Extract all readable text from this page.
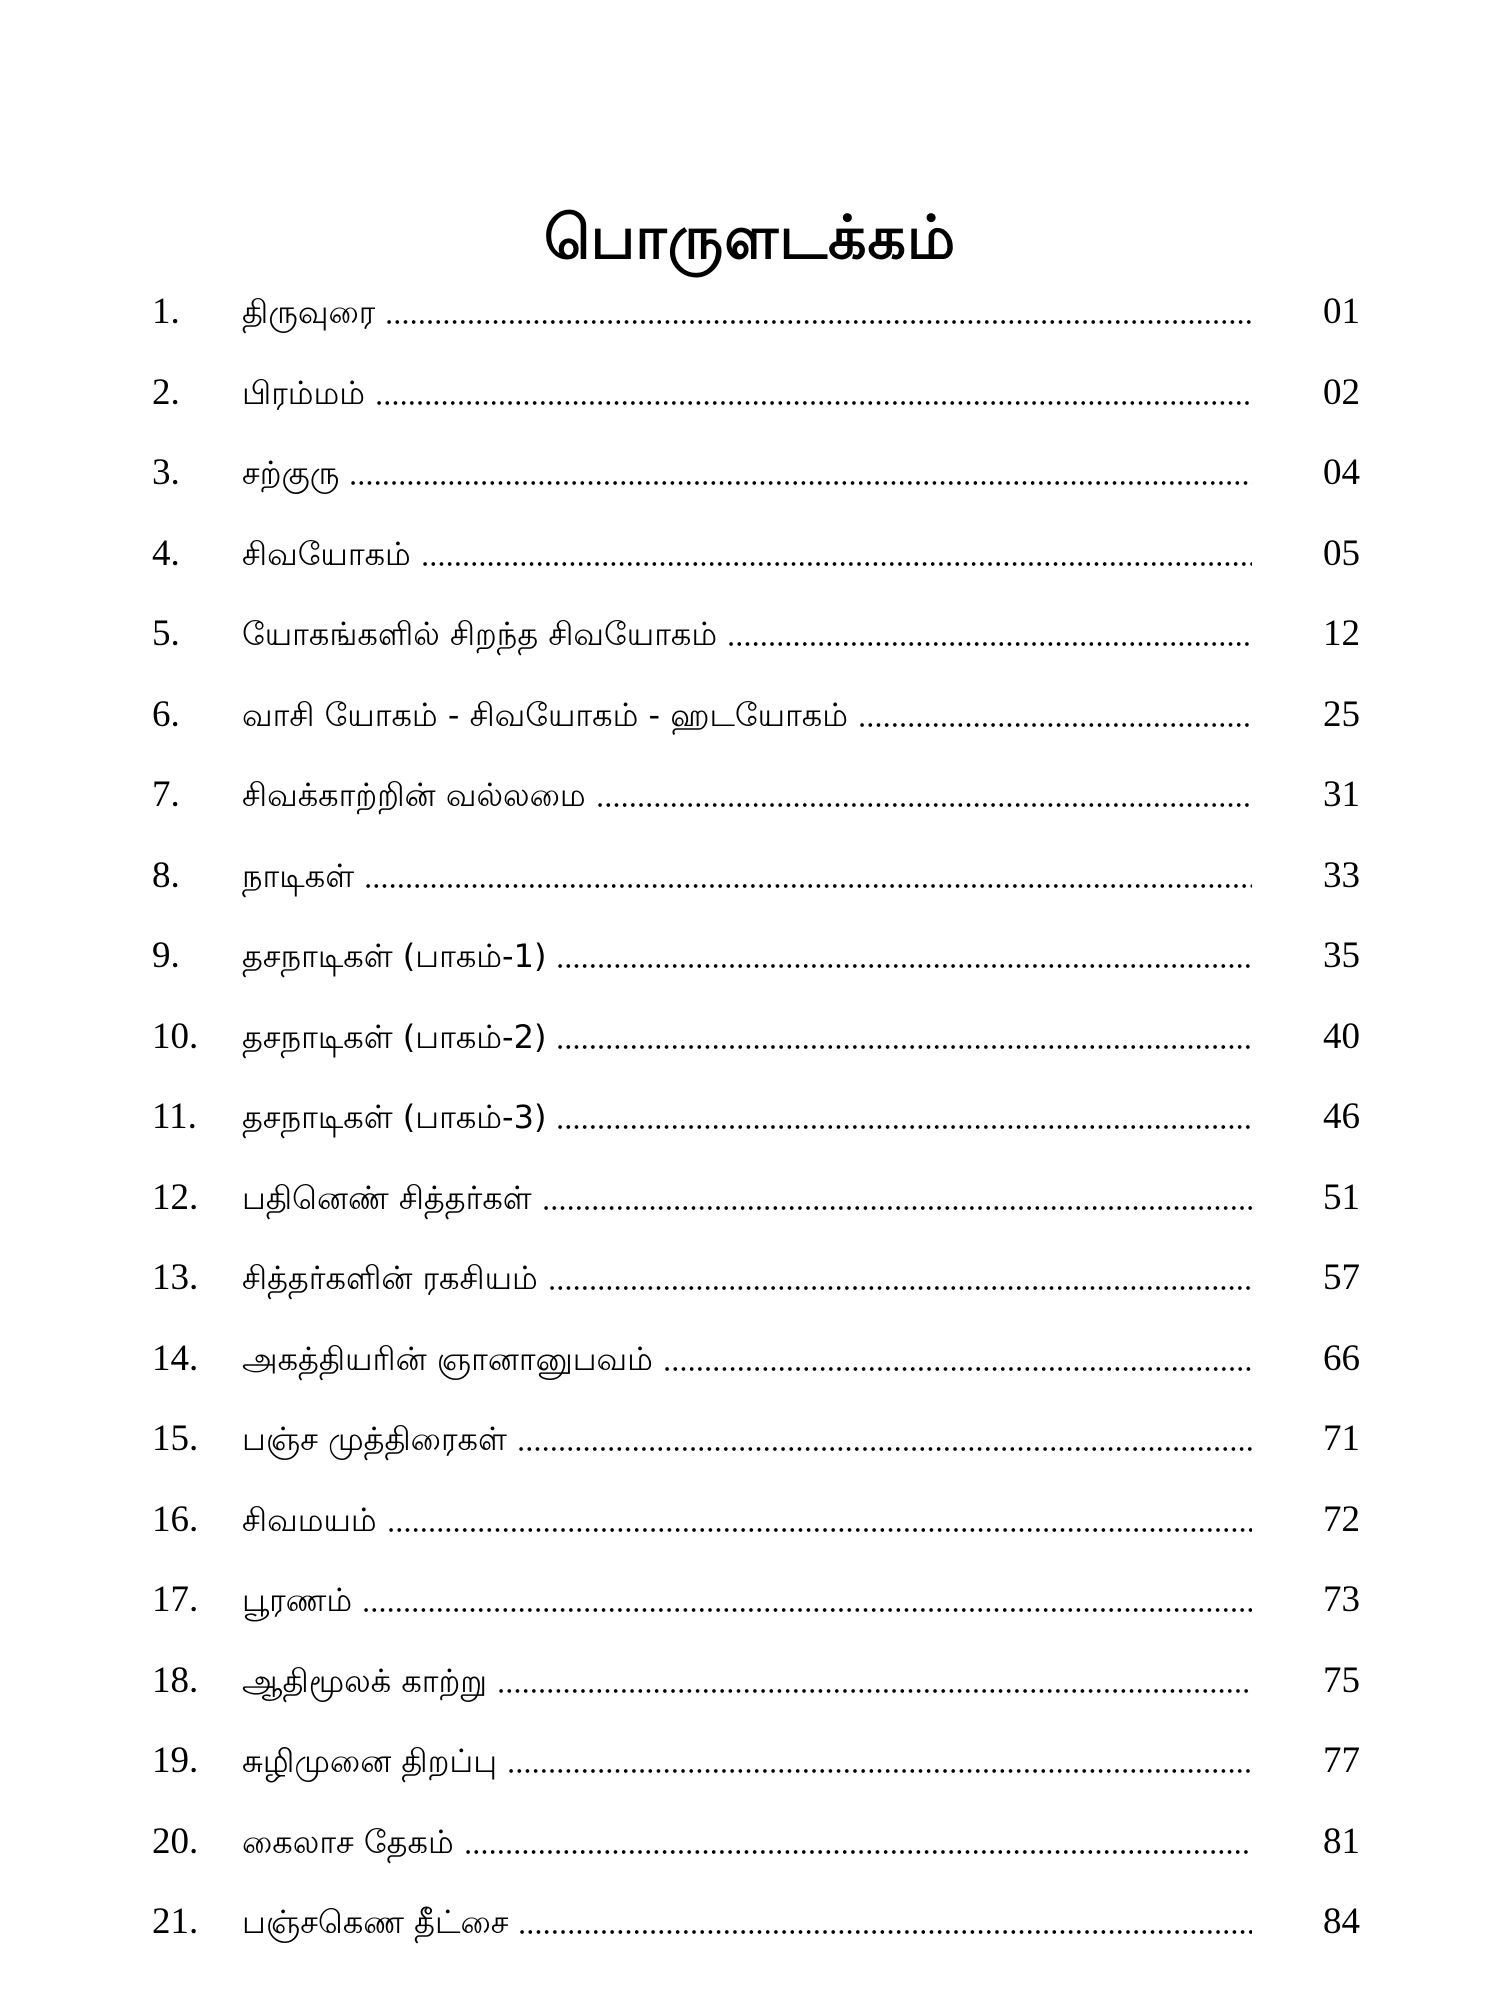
பொருளடக்கம்
1.	திருவுரை	01
2.	பிரம்மம்	02
3.	சற்குரு	04
4.	சிவயோகம்	05
5.	யோகங்களில் சிறந்த சிவயோகம்	12
6.	வாசி யோகம் - சிவயோகம் - ஹடயோகம்	25
7.	சிவக்காற்றின் வல்லமை	31
8.	நாடிகள்	33
9.	தசநாடிகள் (பாகம்-1)	35
10.	தசநாடிகள் (பாகம்-2)	40
11.	தசநாடிகள் (பாகம்-3)	46
12.	பதினெண் சித்தர்கள்	51
13.	சித்தர்களின் ரகசியம்	57
14.	அகத்தியரின் ஞானானுபவம்	66
15.	பஞ்ச முத்திரைகள்	71
16.	சிவமயம்	72
17.	பூரணம்	73
18.	ஆதிமூலக் காற்று	75
19.	சுழிமுனை திறப்பு	77
20.	கைலாச தேகம்	81
21.	பஞ்சகெண தீட்சை	84
